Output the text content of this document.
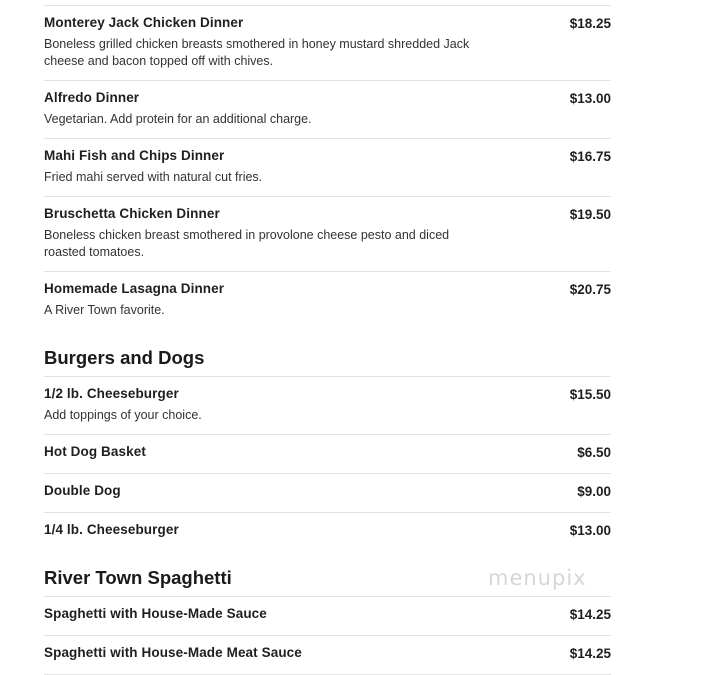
Monterey Jack Chicken Dinner	$18.25
Boneless grilled chicken breasts smothered in honey mustard shredded Jack cheese and bacon topped off with chives.
Alfredo Dinner	$13.00
Vegetarian. Add protein for an additional charge.
Mahi Fish and Chips Dinner	$16.75
Fried mahi served with natural cut fries.
Bruschetta Chicken Dinner	$19.50
Boneless chicken breast smothered in provolone cheese pesto and diced roasted tomatoes.
Homemade Lasagna Dinner	$20.75
A River Town favorite.
Burgers and Dogs
1/2 lb. Cheeseburger	$15.50
Add toppings of your choice.
Hot Dog Basket	$6.50
Double Dog	$9.00
1/4 lb. Cheeseburger	$13.00
River Town Spaghetti
Spaghetti with House-Made Sauce	$14.25
Spaghetti with House-Made Meat Sauce	$14.25
menupix
